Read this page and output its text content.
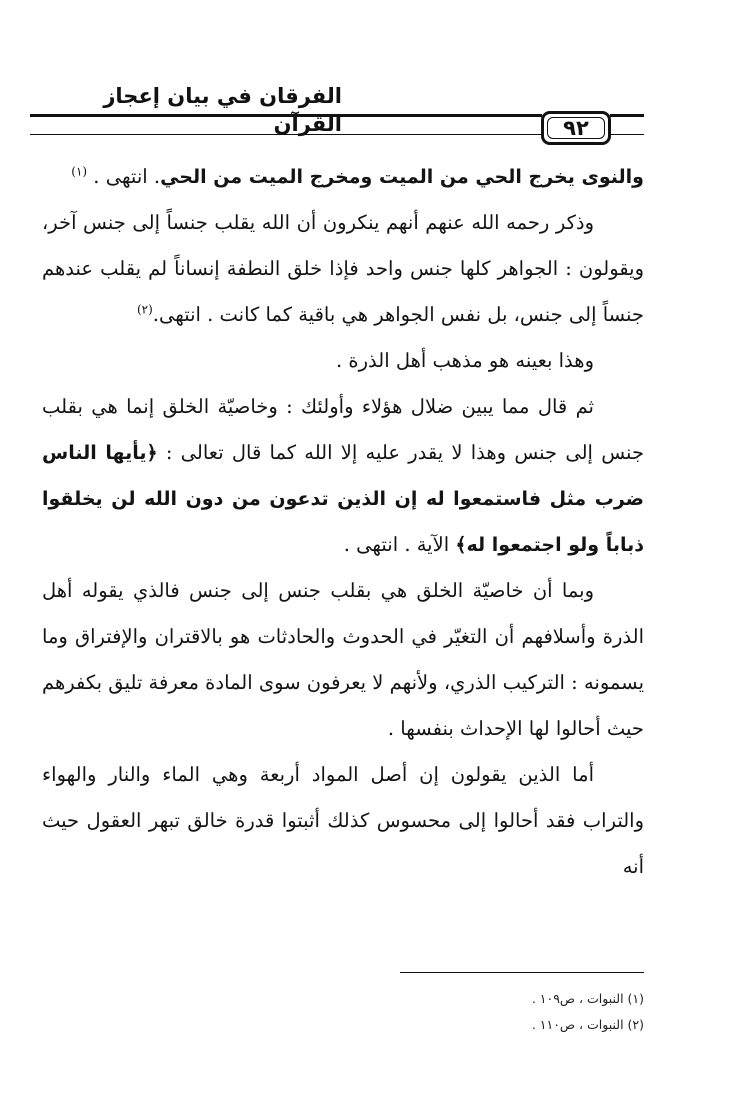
الفرقان في بيان إعجاز القرآن	٩٢

والنوى يخرج الحي من الميت ومخرج الميت من الحي. انتهى . $^{(١)}$

وذكر رحمه الله عنهم أنهم ينكرون أن الله يقلب جنساً إلى جنس آخر، ويقولون : الجواهر كلها جنس واحد فإذا خلق النطفة إنساناً لم يقلب عندهم جنساً إلى جنس، بل نفس الجواهر هي باقية كما كانت . انتهى.$^{(٢)}$

وهذا بعينه هو مذهب أهل الذرة .

ثم قال مما يبين ضلال هؤلاء وأولئك : وخاصيّة الخلق إنما هي بقلب جنس إلى جنس وهذا لا يقدر عليه إلا الله كما قال تعالى : ﴿يأيها الناس ضرب مثل فاستمعوا له إن الذين تدعون من دون الله لن يخلقوا ذباباً ولو اجتمعوا له﴾ الآية . انتهى .

وبما أن خاصيّة الخلق هي بقلب جنس إلى جنس فالذي يقوله أهل الذرة وأسلافهم أن التغيّر في الحدوث والحادثات هو بالاقتران والإفتراق وما يسمونه : التركيب الذري، ولأنهم لا يعرفون سوى المادة معرفة تليق بكفرهم حيث أحالوا لها الإحداث بنفسها .

أما الذين يقولون إن أصل المواد أربعة وهي الماء والنار والهواء والتراب فقد أحالوا إلى محسوس كذلك أثبتوا قدرة خالق تبهر العقول حيث أنه

(١) النبوات ، ص١٠٩ .

(٢) النبوات ، ص١١٠ .
